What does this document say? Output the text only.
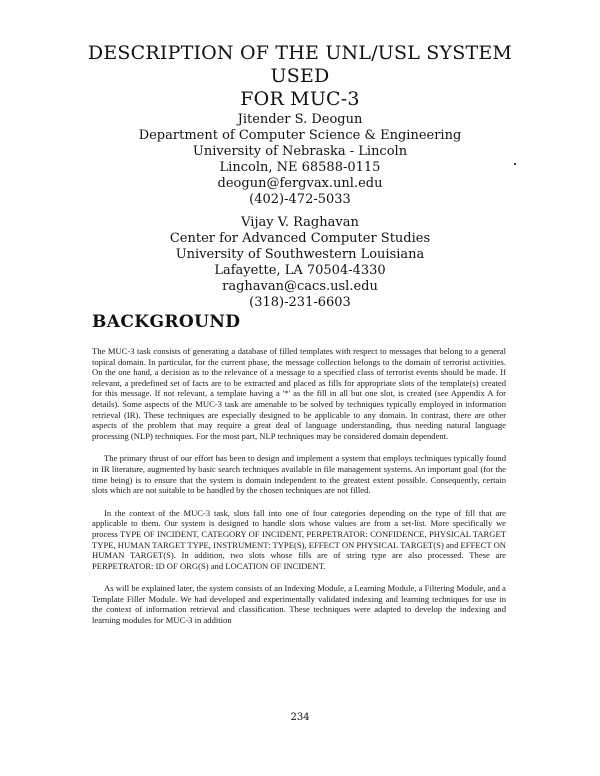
DESCRIPTION OF THE UNL/USL SYSTEM USED
FOR MUC-3
Jitender S. Deogun
Department of Computer Science & Engineering
University of Nebraska - Lincoln
Lincoln, NE 68588-0115
deogun@fergvax.unl.edu
(402)-472-5033
Vijay V. Raghavan
Center for Advanced Computer Studies
University of Southwestern Louisiana
Lafayette, LA 70504-4330
raghavan@cacs.usl.edu
(318)-231-6603
BACKGROUND

The MUC-3 task consists of generating a database of filled templates with respect to messages that belong to a general topical domain. In particular, for the current phase, the message collection belongs to the domain of terrorist activities. On the one hand, a decision as to the relevance of a message to a specified class of terrorist events should be made. If relevant, a predefined set of facts are to be extracted and placed as fills for appropriate slots of the template(s) created for this message. If not relevant, a template having a '*' as the fill in all but one slot, is created (see Appendix A for details). Some aspects of the MUC-3 task are amenable to be solved by techniques typically employed in information retrieval (IR). These techniques are especially designed to be applicable to any domain. In contrast, there are other aspects of the problem that may require a great deal of language understanding, thus needing natural language processing (NLP) techniques. For the most part, NLP techniques may be considered domain dependent.

The primary thrust of our effort has been to design and implement a system that employs techniques typically found in IR literature, augmented by basic search techniques available in file management systems. An important goal (for the time being) is to ensure that the system is domain independent to the greatest extent possible. Consequently, certain slots which are not suitable to be handled by the chosen techniques are not filled.

In the context of the MUC-3 task, slots fall into one of four categories depending on the type of fill that are applicable to them. Our system is designed to handle slots whose values are from a set-list. More specifically we process TYPE OF INCIDENT, CATEGORY OF INCIDENT, PERPETRATOR: CONFIDENCE, PHYSICAL TARGET TYPE, HUMAN TARGET TYPE, INSTRUMENT: TYPE(S), EFFECT ON PHYSICAL TARGET(S) and EFFECT ON HUMAN TARGET(S). In addition, two slots whose fills are of string type are also processed. These are PERPETRATOR: ID OF ORG(S) and LOCATION OF INCIDENT.

As will be explained later, the system consists of an Indexing Module, a Learning Module, a Filtering Module, and a Template Filler Module. We had developed and experimentally validated indexing and learning techniques for use in the context of information retrieval and classification. These techniques were adapted to develop the indexing and learning modules for MUC-3 in addition

234
